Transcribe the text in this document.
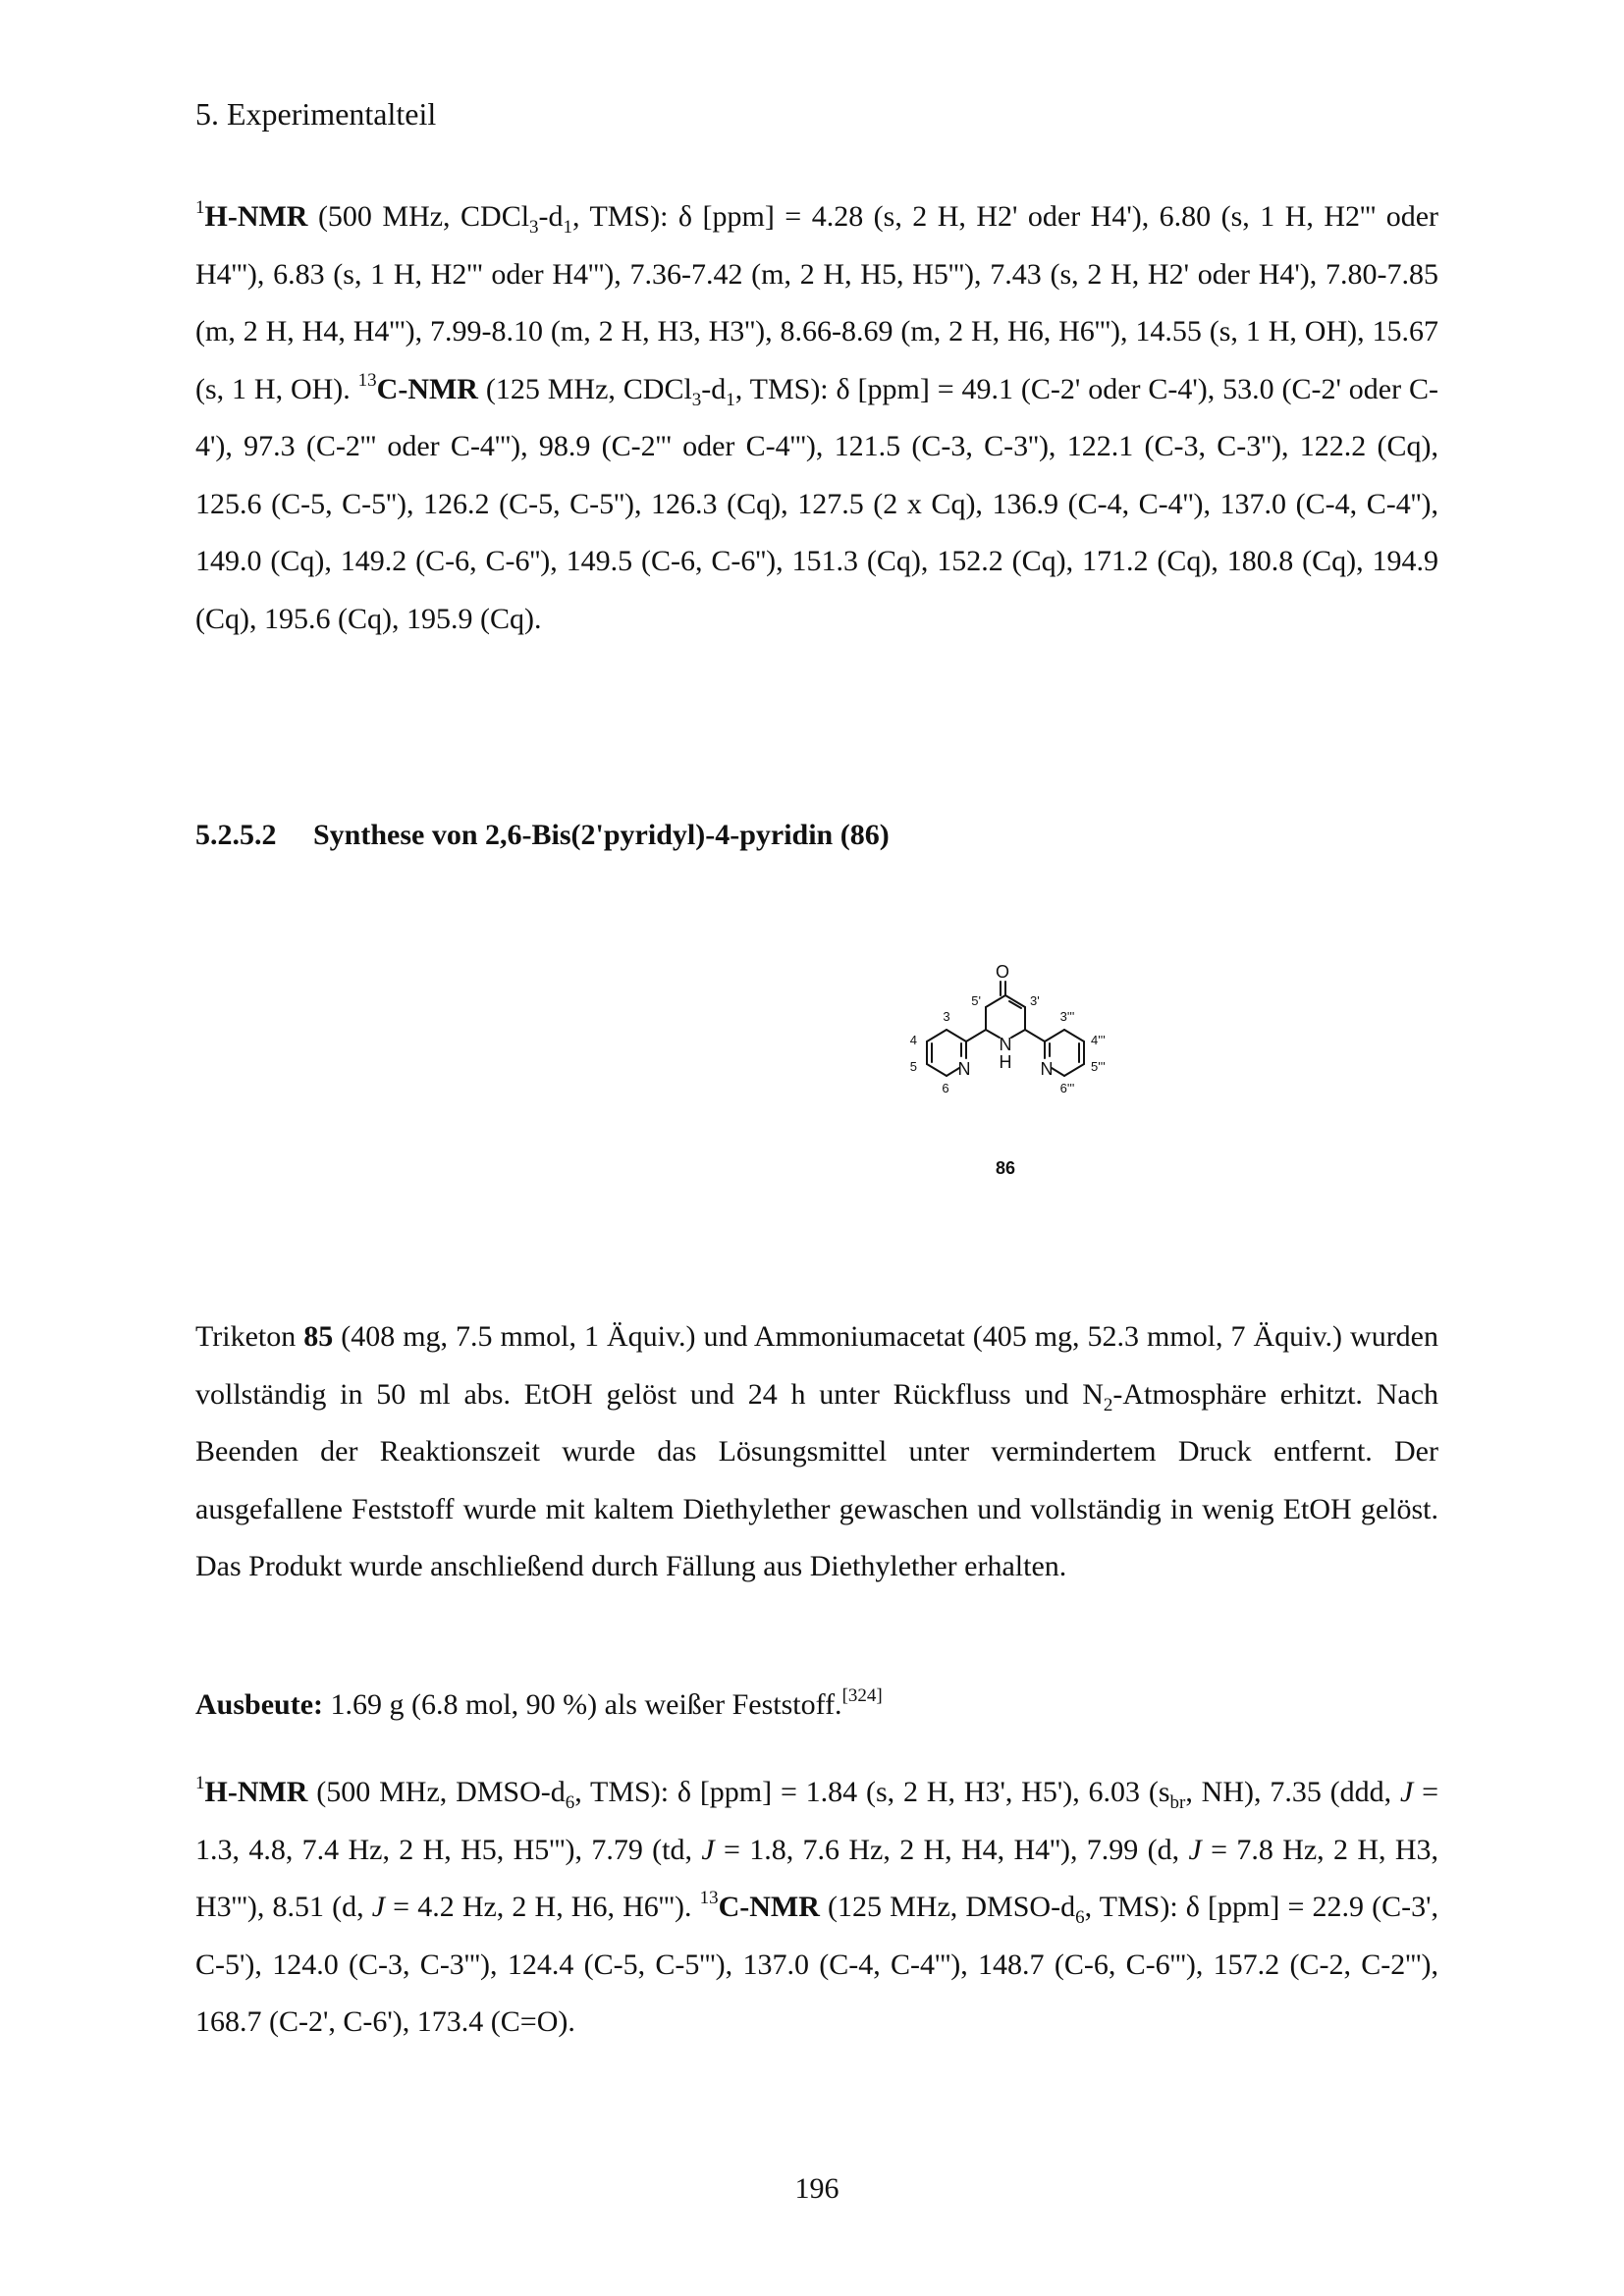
5. Experimentalteil

$^1$H-NMR (500 MHz, $CDCl_3-d_1$, TMS): δ [ppm] = 4.28 (s, 2 H, H2' oder H4'), 6.80 (s, 1 H, H2''' oder H4'''), 6.83 (s, 1 H, H2''' oder H4'''), 7.36-7.42 (m, 2 H, H5, H5'''), 7.43 (s, 2 H, H2' oder H4'), 7.80-7.85 (m, 2 H, H4, H4'''), 7.99-8.10 (m, 2 H, H3, H3''), 8.66-8.69 (m, 2 H, H6, H6'''), 14.55 (s, 1 H, OH), 15.67 (s, 1 H, OH). $^{13}$C-NMR (125 MHz, $CDCl_3-d_1$, TMS): δ [ppm] = 49.1 (C-2' oder C-4'), 53.0 (C-2' oder C-4'), 97.3 (C-2''' oder C-4'''), 98.9 (C-2''' oder C-4'''), 121.5 (C-3, C-3''), 122.1 (C-3, C-3''), 122.2 (Cq), 125.6 (C-5, C-5''), 126.2 (C-5, C-5''), 126.3 (Cq), 127.5 (2 x Cq), 136.9 (C-4, C-4''), 137.0 (C-4, C-4''), 149.0 (Cq), 149.2 (C-6, C-6''), 149.5 (C-6, C-6''), 151.3 (Cq), 152.2 (Cq), 171.2 (Cq), 180.8 (Cq), 194.9 (Cq), 195.6 (Cq), 195.9 (Cq).

5.2.5.2 Synthese von 2,6-Bis(2'pyridyl)-4-pyridin (86)
O
N
N
H N
3
4
5
6
5'	3'
3'''
4'''
5'''
6'''
86

Triketon 85 (408 mg, 7.5 mmol, 1 Äquiv.) und Ammoniumacetat (405 mg, 52.3 mmol, 7 Äquiv.) wurden vollständig in 50 ml abs. EtOH gelöst und 24 h unter Rückfluss und $N_2$-Atmosphäre erhitzt. Nach Beenden der Reaktionszeit wurde das Lösungsmittel unter vermindertem Druck entfernt. Der ausgefallene Feststoff wurde mit kaltem Diethylether gewaschen und vollständig in wenig EtOH gelöst. Das Produkt wurde anschließend durch Fällung aus Diethylether erhalten.

Ausbeute: 1.69 g (6.8 mol, 90 %) als weißer Feststoff.[324]

$^1$H-NMR (500 MHz, DMSO-$d_6$, TMS): δ [ppm] = 1.84 (s, 2 H, H3', H5'), 6.03 ($s_{br}$, NH), 7.35 (ddd, J = 1.3, 4.8, 7.4 Hz, 2 H, H5, H5'''), 7.79 (td, J = 1.8, 7.6 Hz, 2 H, H4, H4''), 7.99 (d, J = 7.8 Hz, 2 H, H3, H3'''), 8.51 (d, J = 4.2 Hz, 2 H, H6, H6'''). $^{13}$C-NMR (125 MHz, DMSO-$d_6$, TMS): δ [ppm] = 22.9 (C-3', C-5'), 124.0 (C-3, C-3'''), 124.4 (C-5, C-5'''), 137.0 (C-4, C-4'''), 148.7 (C-6, C-6'''), 157.2 (C-2, C-2'''), 168.7 (C-2', C-6'), 173.4 (C=O).

196
